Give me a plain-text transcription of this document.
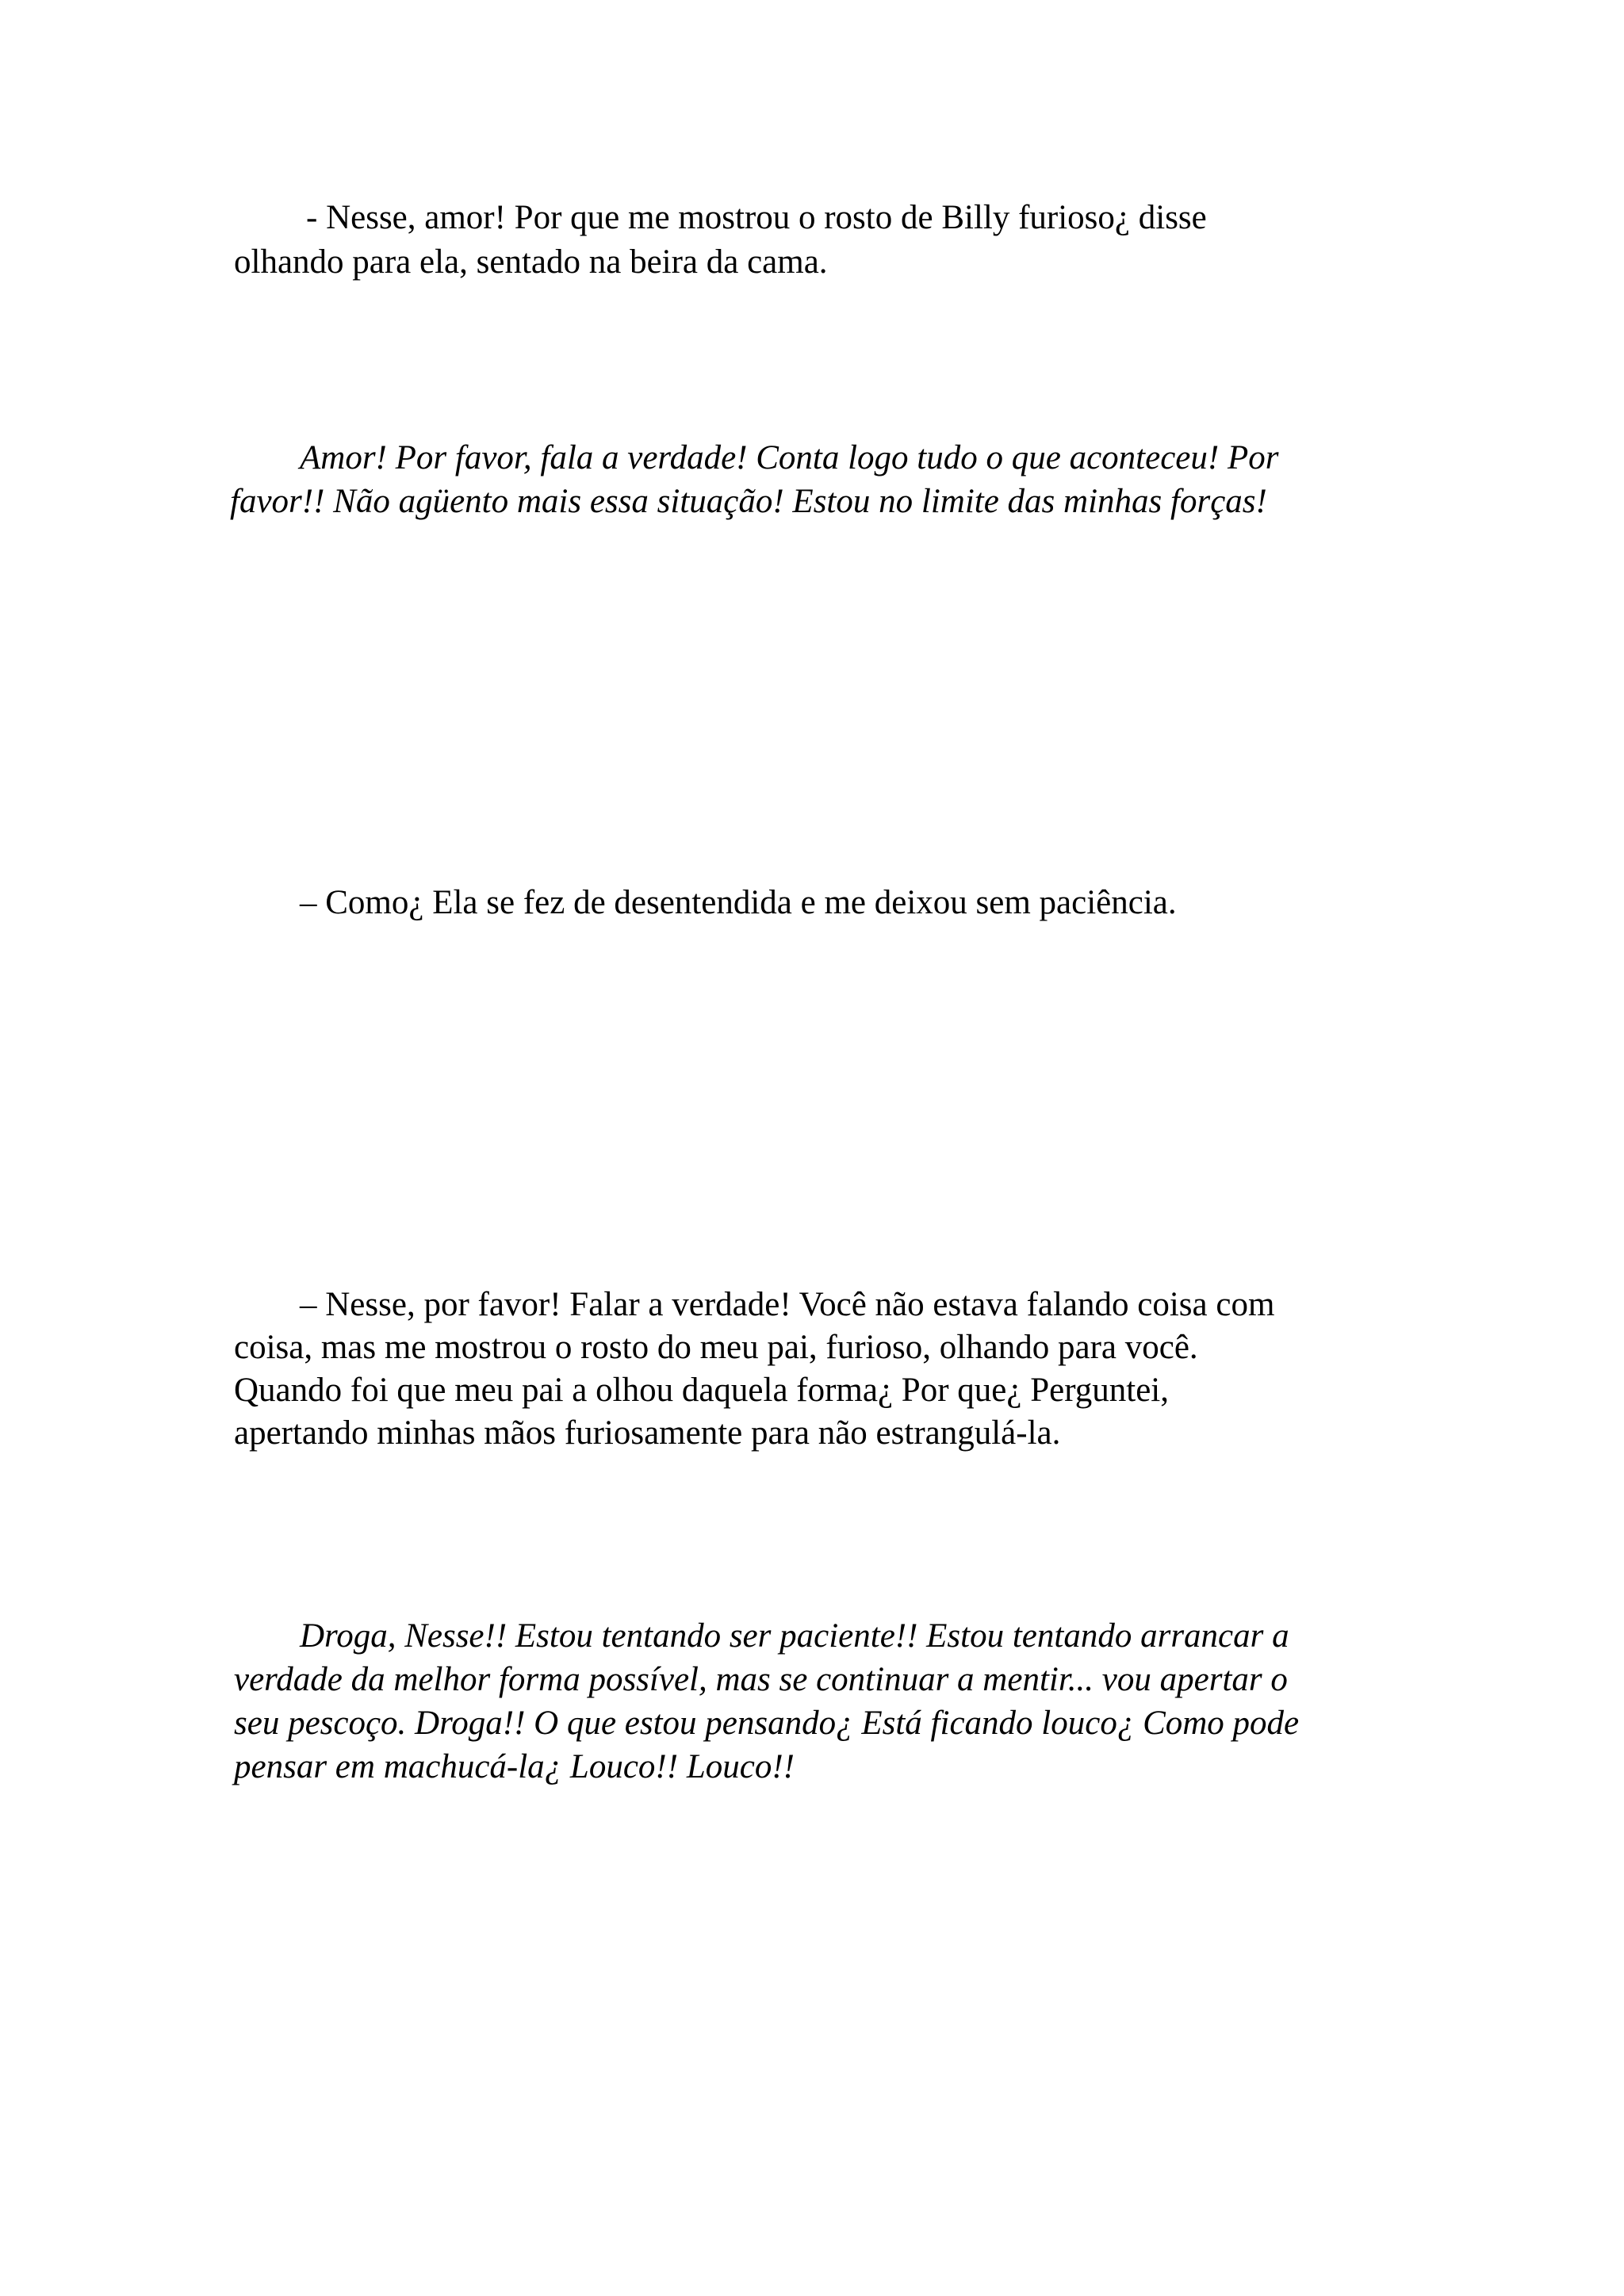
- Nesse, amor! Por que me mostrou o rosto de Billy furioso¿ disse
olhando para ela, sentado na beira da cama.
Amor! Por favor, fala a verdade! Conta logo tudo o que aconteceu! Por
favor!! Não agüento mais essa situação! Estou no limite das minhas forças!
– Como¿ Ela se fez de desentendida e me deixou sem paciência.
– Nesse, por favor! Falar a verdade! Você não estava falando coisa com
coisa, mas me mostrou o rosto do meu pai, furioso, olhando para você.
Quando foi que meu pai a olhou daquela forma¿ Por que¿ Perguntei,
apertando minhas mãos furiosamente para não estrangulá-la.
Droga, Nesse!! Estou tentando ser paciente!! Estou tentando arrancar a
verdade da melhor forma possível, mas se continuar a mentir... vou apertar o
seu pescoço. Droga!! O que estou pensando¿ Está ficando louco¿ Como pode
pensar em machucá-la¿ Louco!! Louco!!
